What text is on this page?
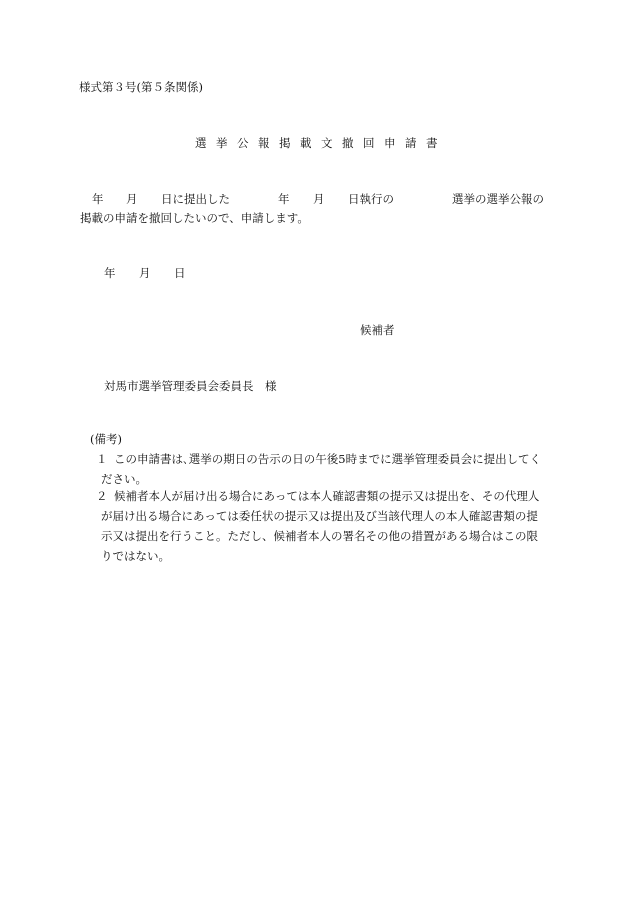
様式第３号(第５条関係)
選挙公報掲載文撤回申請書
年 月 日に提出した	年 月 日執行の	選挙の選挙公報の
掲載の申請を撤回したいので、申請します。
年 月 日
候補者
対馬市選挙管理委員会委員長　様
(備考)
１ この申請書は､選挙の期日の告示の日の午後5時までに選挙管理委員会に提出してく
ださい。
２ 候補者本人が届け出る場合にあっては本人確認書類の提示又は提出を、その代理人
が届け出る場合にあっては委任状の提示又は提出及び当該代理人の本人確認書類の提
示又は提出を行うこと。ただし、候補者本人の署名その他の措置がある場合はこの限
りではない。
